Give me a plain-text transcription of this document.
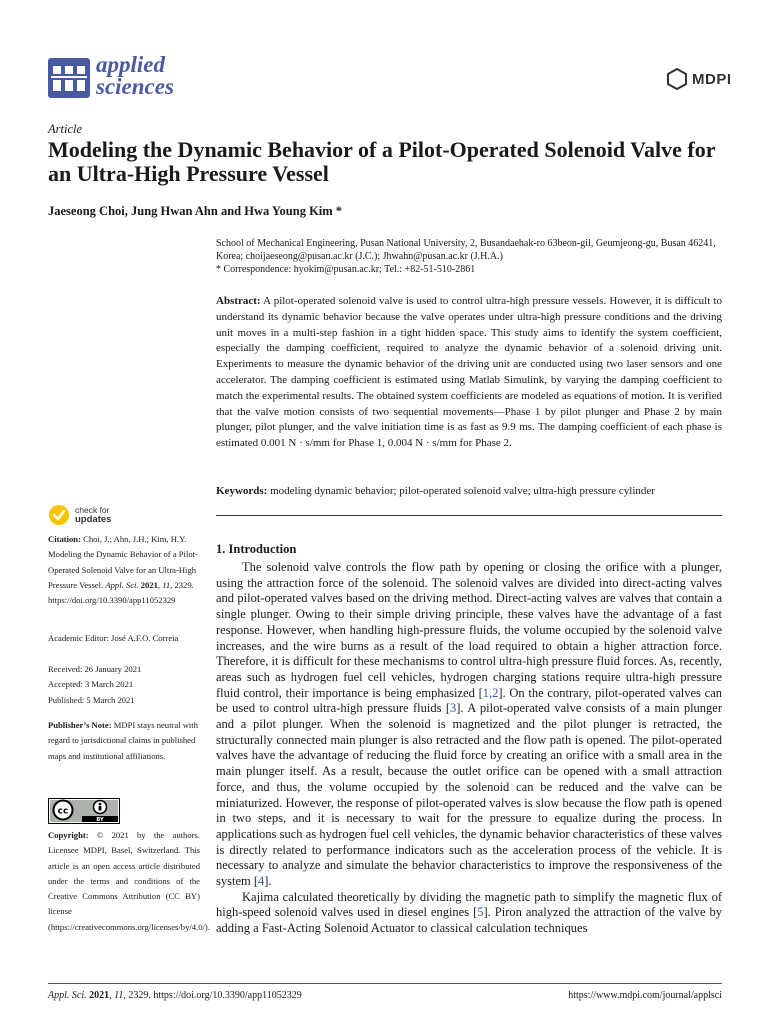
applied
sciences	MDPI
Article
Modeling the Dynamic Behavior of a Pilot-Operated Solenoid Valve for an Ultra-High Pressure Vessel
Jaeseong Choi, Jung Hwan Ahn and Hwa Young Kim *
School of Mechanical Engineering, Pusan National University, 2, Busandaehak-ro 63beon-gil, Geumjeong-gu, Busan 46241, Korea; choijaeseong@pusan.ac.kr (J.C.); Jhwahn@pusan.ac.kr (J.H.A.)
* Correspondence: hyokim@pusan.ac.kr; Tel.: +82-51-510-2861
Abstract: A pilot-operated solenoid valve is used to control ultra-high pressure vessels. However, it is difficult to understand its dynamic behavior because the valve operates under ultra-high pressure conditions and the driving unit moves in a multi-step fashion in a tight hidden space. This study aims to identify the system coefficient, especially the damping coefficient, required to analyze the dynamic behavior of a solenoid driving unit. Experiments to measure the dynamic behavior of the driving unit are conducted using two laser sensors and one accelerator. The damping coefficient is estimated using Matlab Simulink, by varying the damping coefficient to match the experimental results. The obtained system coefficients are modeled as equations of motion. It is verified that the valve motion consists of two sequential movements—Phase 1 by pilot plunger and Phase 2 by main plunger, pilot plunger, and the valve initiation time is as fast as 9.9 ms. The damping coefficient of each phase is estimated 0.001 N · s/mm for Phase 1, 0.004 N · s/mm for Phase 2.
Keywords: modeling dynamic behavior; pilot-operated solenoid valve; ultra-high pressure cylinder
check for
updates
Citation: Choi, J.; Ahn, J.H.; Kim, H.Y. Modeling the Dynamic Behavior of a Pilot-Operated Solenoid Valve for an Ultra-High Pressure Vessel. Appl. Sci. 2021, 11, 2329. https://doi.org/10.3390/app11052329
Academic Editor: José A.F.O. Correia
Received: 26 January 2021
Accepted: 3 March 2021
Published: 5 March 2021
Publisher’s Note: MDPI stays neutral with regard to jurisdictional claims in published maps and institutional affiliations.
cc
BY
Copyright: © 2021 by the authors. Licensee MDPI, Basel, Switzerland. This article is an open access article distributed under the terms and conditions of the Creative Commons Attribution (CC BY) license (https://creativecommons.org/licenses/by/4.0/).
1. Introduction

The solenoid valve controls the flow path by opening or closing the orifice with a plunger, using the attraction force of the solenoid. The solenoid valves are divided into direct-acting valves and pilot-operated valves based on the driving method. Direct-acting valves are valves that contain a single plunger. Owing to their simple driving principle, these valves have the advantage of a fast response. However, when handling high-pressure fluids, the volume occupied by the solenoid valve increases, and the wire burns as a result of the load required to obtain a higher attraction force. Therefore, it is difficult for these mechanisms to control ultra-high pressure fluid forces. As, recently, areas such as hydrogen fuel cell vehicles, hydrogen charging stations require ultra-high pressure fluid control, their importance is being emphasized [1,2]. On the contrary, pilot-operated valves can be used to control ultra-high pressure fluids [3]. A pilot-operated valve consists of a main plunger and a pilot plunger. When the solenoid is magnetized and the pilot plunger is retracted, the structurally connected main plunger is also retracted and the flow path is opened. The pilot-operated valves have the advantage of reducing the fluid force by creating an orifice with a small area in the main plunger itself. As a result, because the outlet orifice can be opened with a small attraction force, and thus, the volume occupied by the solenoid can be reduced and the valve can be miniaturized. However, the response of pilot-operated valves is slow because the flow path is opened in two steps, and it is necessary to wait for the pressure to equalize during the process. In applications such as hydrogen fuel cell vehicles, the dynamic behavior characteristics of these valves is directly related to performance indicators such as the acceleration process of the vehicle. It is necessary to analyze and simulate the behavior characteristics to improve the responsiveness of the system [4].

Kajima calculated theoretically by dividing the magnetic path to simplify the magnetic flux of high-speed solenoid valves used in diesel engines [5]. Piron analyzed the attraction of the valve by adding a Fast-Acting Solenoid Actuator to classical calculation techniques

Appl. Sci. 2021, 11, 2329. https://doi.org/10.3390/app11052329	https://www.mdpi.com/journal/applsci
